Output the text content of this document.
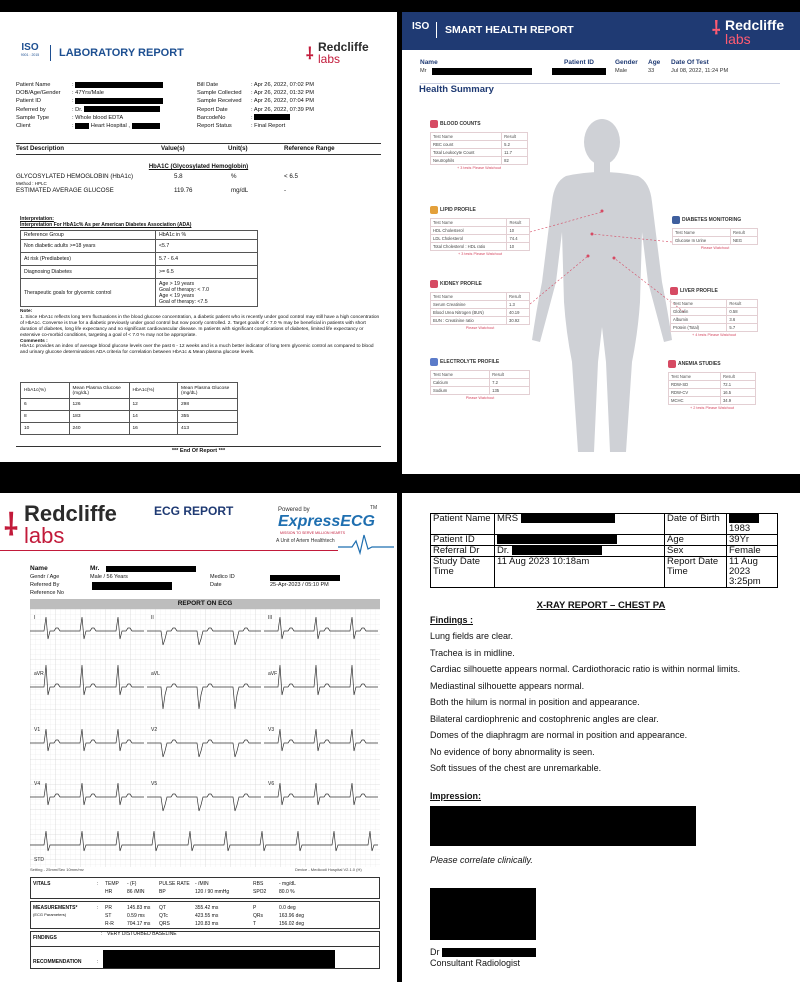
ISO
9001 : 2015	LABORATORY REPORT	⸸ Redcliffe
labs
Patient Name	:
DOB/Age/Gender : 47Yrs/Male
Patient ID	:
Referred by	: Dr.
Sample Type	: Whole blood EDTA
Client	:	Heart Hospital ,
Bill Date	: Apr 26, 2022, 07:02 PM
Sample Collected : Apr 26, 2022, 01:32 PM
Sample Received : Apr 26, 2022, 07:04 PM
Report Date	: Apr 26, 2022, 07:39 PM
BarcodeNo	:
Report Status	: Final Report
Test Description	Value(s)	Unit(s)	Reference Range
HbA1C (Glycosylated Hemoglobin)
GLYCOSYLATED HEMOGLOBIN (HbA1c)	5.8	%	< 6.5
Method : HPLC
ESTIMATED AVERAGE GLUCOSE	119.76	mg/dL	-
Interpretation:
Interpretation For HbA1c% As per American Diabetes Association (ADA)
Reference Group	HbA1c in %
Non diabetic adults >=18 years	<5.7
At risk (Prediabetes)	5.7 - 6.4
Diagnosing Diabetes	>= 6.5
Therapeutic goals for glycemic control	Age > 19 years
Goal of therapy: < 7.0
Age < 19 years
Goal of therapy: <7.5
Note:
1. Since HbA1c reflects long term fluctuations in the blood glucose concentration, a diabetic patient who is recently under good control may still have a high concentration of HbA1c. Converse is true for a diabetic previously under good control but now poorly controlled. 2. Target goals of < 7.0 % may be beneficial in patients with short duration of diabetes, long life expectancy and no significant cardiovascular disease. In patients with significant complications of diabetes, limited life expectancy or extensive co-morbid conditions, targeting a goal of < 7.0 % may not be appropriate.
Comments :
HbA1c provides an index of average blood glucose levels over the past 6 - 12 weeks and is a much better indicator of long term glycemic control as compared to blood and urinary glucose determinations ADA criteria for correlation between HbA1c & Mean plasma glucose levels.
HbA1c(%)	Mean Plasma Glucose (mg/dL)	HbA1c(%)	Mean Plasma Glucose (mg/dL)
6	126	12	298
8	183	14	355
10	240	16	413
*** End Of Report ***
ISO	SMART HEALTH REPORT	⸸ Redcliffe
labs
Name	Patient ID	Gender Age Date Of Test
Mr	Male	33	Jul 08, 2022, 11:24 PM
Health Summary
BLOOD COUNTS
Test Name	Result
RBC count	5.2
Total Leukocyte Count	11.7
Neutrophils	82
+ 3 tests Please Watchout
LIPID PROFILE
Test Name	Result
HDL Cholesterol	10
LDL Cholesterol	74.4
Total Cholesterol : HDL ratio	10
+ 3 tests Please Watchout
KIDNEY PROFILE
Test Name	Result
Serum Creatinine	1.3
Blood Urea Nitrogen (BUN)	40.19
BUN : Creatinine ratio	30.92
Please Watchout
ELECTROLYTE PROFILE
Test Name	Result
Calcium	7.2
Sodium	135
Please Watchout
DIABETES MONITORING
Test Name	Result
Glucose In Urine	NEG
Please Watchout
LIVER PROFILE
Test Name	Result
Globulin	0.58
Albumin	3.6
Protein (Total)	5.7
+ 4 tests Please Watchout
ANEMIA STUDIES
Test Name	Result
RDW-SD	72.1
RDW-CV	16.5
MCHC	34.9
+ 2 tests Please Watchout
⸸ Redcliffe
labs
ECG REPORT	Powered by
ExpressECG
TM
MISSION TO SERVE MILLION HEARTS
A Unit of Artem Healthtech
Name	Mr.
Gendr / Age	Male / 56 Years	Medico ID
Referred By	Date	25-Apr-2023 / 05:10 PM
Reference No
REPORT ON ECG
I	II	III
aVR	aVL	aVF
V1	V2	V3
V4	V5	V6
STD
Setting - 25mm/Sec 10mm/mv	Device - Medicodi Hospital V2.1.0 (H)
VITALS	: TEMP - (F)	PULSE RATE - /MIN	RBS	- mg/dL
HR	86 /MIN	BP	120 / 90 mmHg	SPO2	80.0 %
MEASUREMENTS*
(ECG Parameters)
: PR	145.83 ms QT	355.42 ms	P	0.0 deg
ST	0.59 ms	QTc	423.55 ms	QRs	163.96 deg
R-R	704.17 ms QRS	120.83 ms	T	156.02 deg
FINDINGS
: VERY DISTURBED BASELINE
RECOMMENDATION	:
Patient Name	MRS	Date of Birth	1983
Patient ID		Age	39Yr
Referral Dr	Dr.	Sex	Female
Study Date Time	11 Aug 2023 10:18am	Report Date Time	11 Aug 2023 3:25pm
X-RAY REPORT – CHEST PA
Findings :
Lung fields are clear.
Trachea is in midline.
Cardiac silhouette appears normal. Cardiothoracic ratio is within normal limits.
Mediastinal silhouette appears normal.
Both the hilum is normal in position and appearance.
Bilateral cardiophrenic and costophrenic angles are clear.
Domes of the diaphragm are normal in position and appearance.
No evidence of bony abnormality is seen.
Soft tissues of the chest are unremarkable.
Impression:
Please correlate clinically.
Dr
Consultant Radiologist
